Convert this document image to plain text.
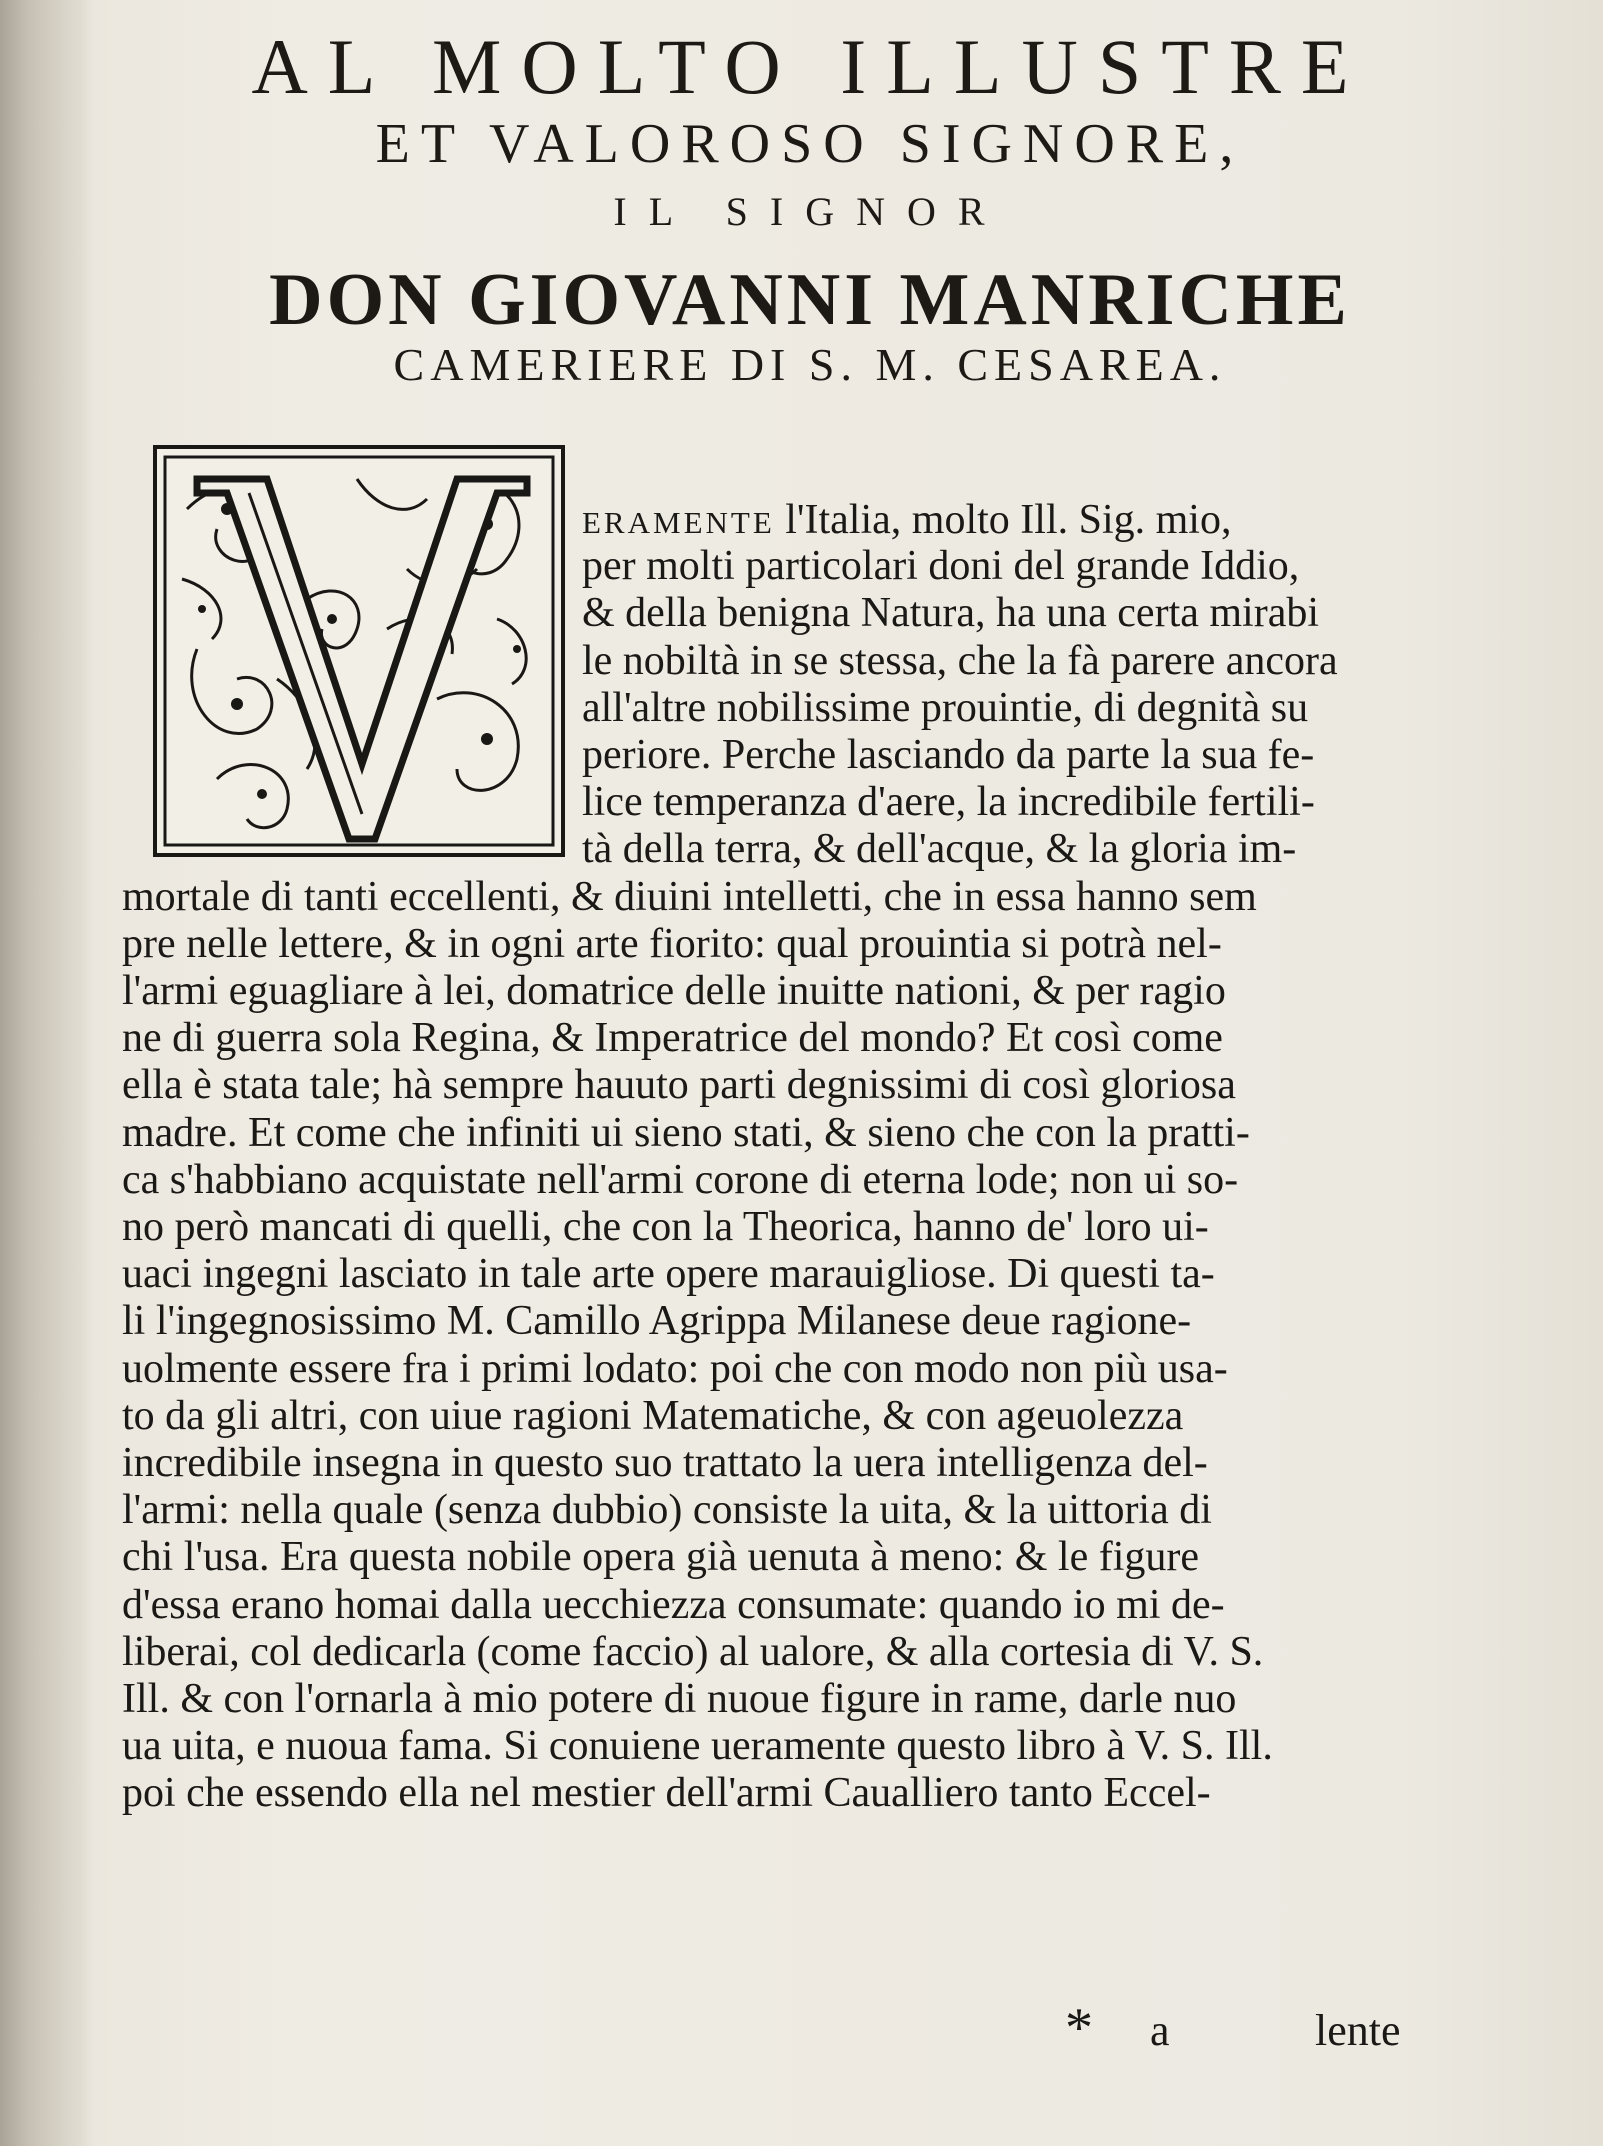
AL MOLTO ILLUSTRE
ET VALOROSO SIGNORE,
IL SIGNOR
DON GIOVANNI MANRICHE
CAMERIERE DI S. M. CESAREA.

eramente l'Italia, molto Ill. Sig. mio,

per molti particolari doni del grande Iddio,

& della benigna Natura, ha una certa mirabi

le nobiltà in se stessa, che la fà parere ancora

all'altre nobilissime prouintie, di degnità su

periore. Perche lasciando da parte la sua fe-

lice temperanza d'aere, la incredibile fertili-

tà della terra, & dell'acque, & la gloria im-

mortale di tanti eccellenti, & diuini intelletti, che in essa hanno sem

pre nelle lettere, & in ogni arte fiorito: qual prouintia si potrà nel-

l'armi eguagliare à lei, domatrice delle inuitte nationi, & per ragio

ne di guerra sola Regina, & Imperatrice del mondo? Et così come

ella è stata tale; hà sempre hauuto parti degnissimi di così gloriosa

madre. Et come che infiniti ui sieno stati, & sieno che con la pratti-

ca s'habbiano acquistate nell'armi corone di eterna lode; non ui so-

no però mancati di quelli, che con la Theorica, hanno de' loro ui-

uaci ingegni lasciato in tale arte opere marauigliose. Di questi ta-

li l'ingegnosissimo M. Camillo Agrippa Milanese deue ragione-

uolmente essere fra i primi lodato: poi che con modo non più usa-

to da gli altri, con uiue ragioni Matematiche, & con ageuolezza

incredibile insegna in questo suo trattato la uera intelligenza del-

l'armi: nella quale (senza dubbio) consiste la uita, & la uittoria di

chi l'usa. Era questa nobile opera già uenuta à meno: & le figure

d'essa erano homai dalla uecchiezza consumate: quando io mi de-

liberai, col dedicarla (come faccio) al ualore, & alla cortesia di V. S.

Ill. & con l'ornarla à mio potere di nuoue figure in rame, darle nuo

ua uita, e nuoua fama. Si conuiene ueramente questo libro à V. S. Ill.

poi che essendo ella nel mestier dell'armi Caualliero tanto Eccel-

* a	lente
